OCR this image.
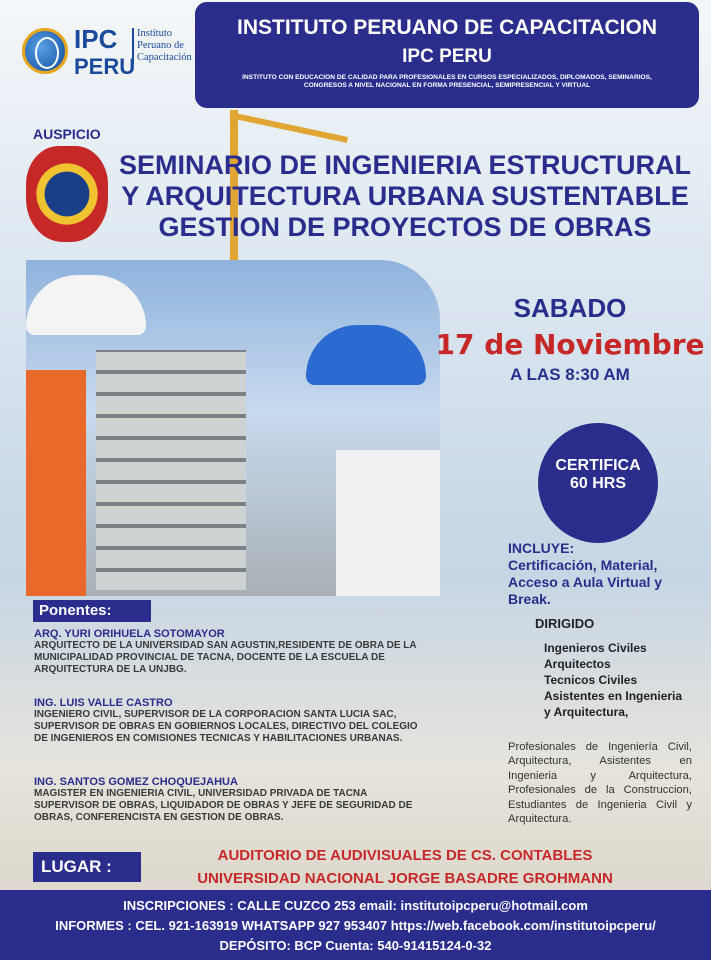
IPC
PERU
Instituto Peruano de Capacitación
INSTITUTO PERUANO DE CAPACITACION
IPC PERU
INSTITUTO CON EDUCACION DE CALIDAD PARA PROFESIONALES EN CURSOS ESPECIALIZADOS, DIPLOMADOS, SEMINARIOS, CONGRESOS A NIVEL NACIONAL EN FORMA PRESENCIAL, SEMIPRESENCIAL Y VIRTUAL
AUSPICIO
SEMINARIO DE INGENIERIA ESTRUCTURAL
Y ARQUITECTURA URBANA SUSTENTABLE
GESTION DE PROYECTOS DE OBRAS
SABADO
17 de Noviembre
A LAS 8:30 AM
CERTIFICA
60 HRS
INCLUYE:
Certificación, Material, Acceso a Aula Virtual y Break.
DIRIGIDO
Ingenieros Civiles
Arquitectos
Tecnicos Civiles
Asistentes en Ingenieria
y Arquitectura,
Profesionales de Ingeniería Civil, Arquitectura, Asistentes en Ingenieria y Arquitectura, Profesionales de la Construccion, Estudiantes de Ingenieria Civil y Arquitectura.
Ponentes:
ARQ. YURI ORIHUELA SOTOMAYOR
ARQUITECTO DE LA UNIVERSIDAD SAN AGUSTIN,RESIDENTE DE OBRA DE LA MUNICIPALIDAD PROVINCIAL DE TACNA, DOCENTE DE LA ESCUELA DE ARQUITECTURA DE LA UNJBG.
ING. LUIS VALLE CASTRO
INGENIERO CIVIL, SUPERVISOR DE LA CORPORACION SANTA LUCIA SAC, SUPERVISOR DE OBRAS EN GOBIERNOS LOCALES, DIRECTIVO DEL COLEGIO DE INGENIEROS EN COMISIONES TECNICAS Y HABILITACIONES URBANAS.
ING. SANTOS GOMEZ CHOQUEJAHUA
MAGISTER EN INGENIERIA CIVIL, UNIVERSIDAD PRIVADA DE TACNA SUPERVISOR DE OBRAS, LIQUIDADOR DE OBRAS Y JEFE DE SEGURIDAD DE OBRAS, CONFERENCISTA EN GESTION DE OBRAS.
LUGAR :
AUDITORIO DE AUDIVISUALES DE CS. CONTABLES
UNIVERSIDAD NACIONAL JORGE BASADRE GROHMANN
INSCRIPCIONES : CALLE CUZCO 253 email: institutoipcperu@hotmail.com
INFORMES : CEL. 921-163919 WHATSAPP 927 953407 https://web.facebook.com/institutoipcperu/
DEPÓSITO: BCP Cuenta: 540-91415124-0-32
